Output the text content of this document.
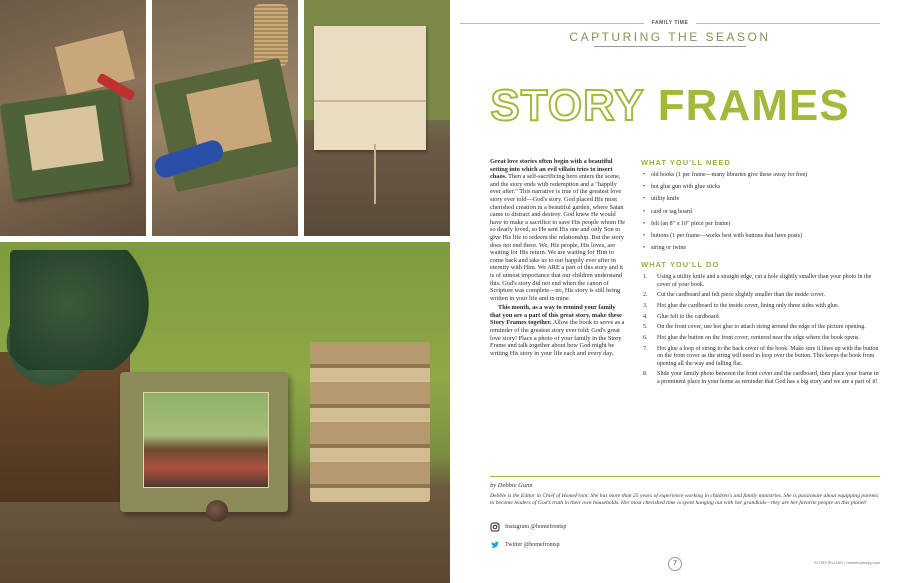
FAMILY TIME
CAPTURING THE SEASON
STORY FRAMES

Great love stories often begin with a beautiful setting into which an evil villain tries to insert chaos. Then a self-sacrificing hero enters the scene, and the story ends with redemption and a "happily ever after." This narrative is true of the greatest love story ever told—God's story. God placed His most cherished creation in a beautiful garden, where Satan came to distract and destroy. God knew He would have to make a sacrifice to save His people whom He so dearly loved, so He sent His one and only Son to give His life to redeem the relationship. But the story does not end there. We, His people, His loves, are waiting for His return. We are waiting for Him to come back and take us to our happily ever after in eternity with Him. We ARE a part of this story and it is of utmost importance that our children understand this. God's story did not end when the canon of Scripture was complete—no, His story is still being written in your life and in mine.

This month, as a way to remind your family that you are a part of this great story, make these Story Frames together. Allow the book to serve as a reminder of the greatest story ever told: God's great love story! Place a photo of your family in the Story Frame and talk together about how God might be writing His story in your life each and every day.

WHAT YOU'LL NEED
• old books (1 per frame—many libraries give these away for free)
• hot glue gun with glue sticks
• utility knife
• card or tag board
• felt (an 8" x 10" piece per frame)
• buttons (1 per frame—works best with buttons that have posts)
• string or twine
WHAT YOU'LL DO
1. Using a utility knife and a straight edge, cut a hole slightly smaller than your photo in the cover of your book.
2. Cut the cardboard and felt piece slightly smaller than the inside cover.
3. Hot glue the cardboard to the inside cover, lining only three sides with glue.
4. Glue felt to the cardboard.
5. On the front cover, use hot glue to attach string around the edge of the picture opening.
6. Hot glue the button on the front cover, centered near the edge where the book opens.
7. Hot glue a loop of string to the back cover of the book. Make sure it lines up with the button on the front cover as the string will need to loop over the button. This keeps the book from opening all the way and falling flat.
8. Slide your family photo between the front cover and the cardboard, then place your frame in a prominent place in your home as reminder that God has a big story and we are a part of it!
by Debbie Gunn
Debbie is the Editor in Chief of HomeFront. She has more than 25 years of experience working in children's and family ministries. She is passionate about equipping parents to become leaders of God's truth in their own households. Her most cherished time is spent hanging out with her grandkids—they are her favorite people on this planet!
Instagram @homefrontsp
Twitter @homefrontsp
7	STORYTELLING | homefrontmag.com
